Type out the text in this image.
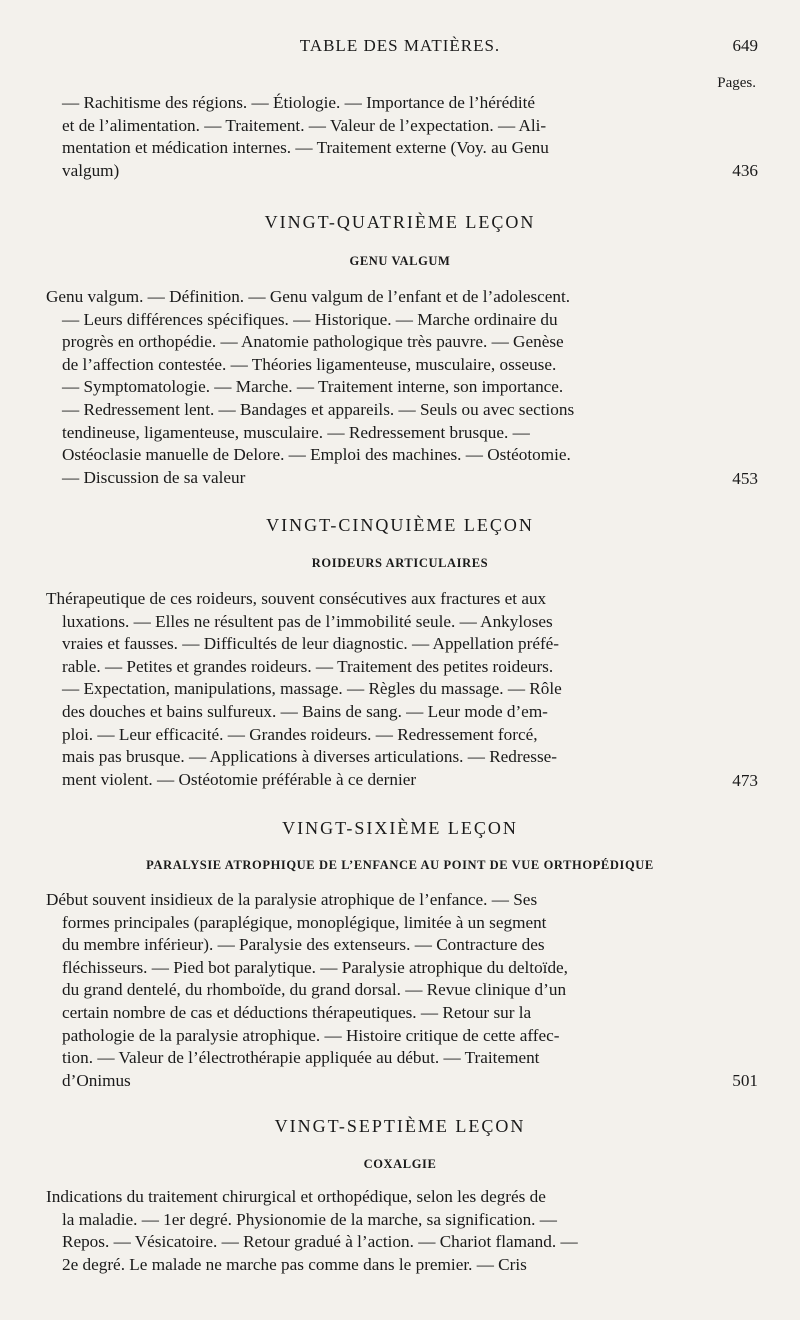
TABLE DES MATIÈRES.	649
Pages.
— Rachitisme des régions. — Étiologie. — Importance de l’hérédité
et de l’alimentation. — Traitement. — Valeur de l’expectation. — Ali-
mentation et médication internes. — Traitement externe (Voy. au Genu
valgum)	436
VINGT-QUATRIÈME LEÇON
GENU VALGUM
Genu valgum. — Définition. — Genu valgum de l’enfant et de l’adolescent.
— Leurs différences spécifiques. — Historique. — Marche ordinaire du
progrès en orthopédie. — Anatomie pathologique très pauvre. — Genèse
de l’affection contestée. — Théories ligamenteuse, musculaire, osseuse.
— Symptomatologie. — Marche. — Traitement interne, son importance.
— Redressement lent. — Bandages et appareils. — Seuls ou avec sections
tendineuse, ligamenteuse, musculaire. — Redressement brusque. —
Ostéoclasie manuelle de Delore. — Emploi des machines. — Ostéotomie.
— Discussion de sa valeur	453
VINGT-CINQUIÈME LEÇON
ROIDEURS ARTICULAIRES
Thérapeutique de ces roideurs, souvent consécutives aux fractures et aux
luxations. — Elles ne résultent pas de l’immobilité seule. — Ankyloses
vraies et fausses. — Difficultés de leur diagnostic. — Appellation préfé-
rable. — Petites et grandes roideurs. — Traitement des petites roideurs.
— Expectation, manipulations, massage. — Règles du massage. — Rôle
des douches et bains sulfureux. — Bains de sang. — Leur mode d’em-
ploi. — Leur efficacité. — Grandes roideurs. — Redressement forcé,
mais pas brusque. — Applications à diverses articulations. — Redresse-
ment violent. — Ostéotomie préférable à ce dernier	473
VINGT-SIXIÈME LEÇON
PARALYSIE ATROPHIQUE DE L’ENFANCE AU POINT DE VUE ORTHOPÉDIQUE
Début souvent insidieux de la paralysie atrophique de l’enfance. — Ses
formes principales (paraplégique, monoplégique, limitée à un segment
du membre inférieur). — Paralysie des extenseurs. — Contracture des
fléchisseurs. — Pied bot paralytique. — Paralysie atrophique du deltoïde,
du grand dentelé, du rhomboïde, du grand dorsal. — Revue clinique d’un
certain nombre de cas et déductions thérapeutiques. — Retour sur la
pathologie de la paralysie atrophique. — Histoire critique de cette affec-
tion. — Valeur de l’électrothérapie appliquée au début. — Traitement
d’Onimus	501
VINGT-SEPTIÈME LEÇON
COXALGIE
Indications du traitement chirurgical et orthopédique, selon les degrés de
la maladie. — 1er degré. Physionomie de la marche, sa signification. —
Repos. — Vésicatoire. — Retour gradué à l’action. — Chariot flamand. —
2e degré. Le malade ne marche pas comme dans le premier. — Cris
